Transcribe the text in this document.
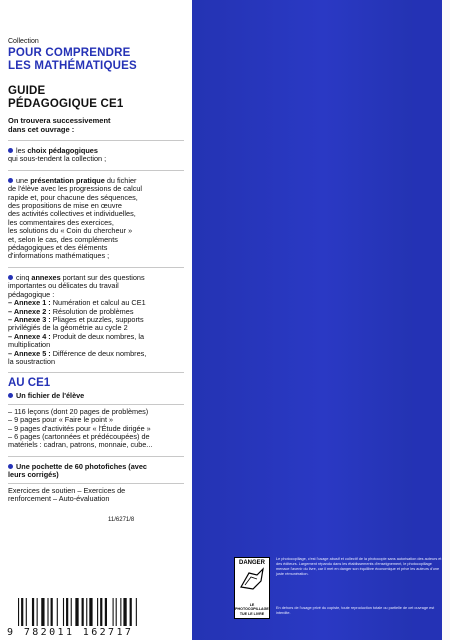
Collection
POUR COMPRENDRE
LES MATHÉMATIQUES
GUIDE
PÉDAGOGIQUE CE1
On trouvera successivement
dans cet ouvrage :
les choix pédagogiques
qui sous-tendent la collection ;
une présentation pratique du fichier
de l'élève avec les progressions de calcul
rapide et, pour chacune des séquences,
des propositions de mise en œuvre
des activités collectives et individuelles,
les commentaires des exercices,
les solutions du « Coin du chercheur »
et, selon le cas, des compléments
pédagogiques et des éléments
d'informations mathématiques ;
cinq annexes portant sur des questions
importantes ou délicates du travail
pédagogique :
– Annexe 1 : Numération et calcul au CE1
– Annexe 2 : Résolution de problèmes
– Annexe 3 : Pliages et puzzles, supports
privilégiés de la géométrie au cycle 2
– Annexe 4 : Produit de deux nombres, la
multiplication
– Annexe 5 : Différence de deux nombres,
la soustraction
AU CE1
Un fichier de l'élève
– 116 leçons (dont 20 pages de problèmes)
– 9 pages pour « Faire le point »
– 9 pages d'activités pour « l'Étude dirigée »
– 6 pages (cartonnées et prédécoupées) de
matériels : cadran, patrons, monnaie, cube...
Une pochette de 60 photofiches (avec
leurs corrigés)
Exercices de soutien – Exercices de
renforcement – Auto-évaluation
11/6271/8
9 782011 162717
DANGER
LE
PHOTOCOPILLAGE
TUE LE LIVRE
Le photocopillage, c'est l'usage abusif et collectif de la photocopie sans autorisation des auteurs et des éditeurs. Largement répandu dans les établissements d'enseignement, le photocopillage menace l'avenir du livre, car il met en danger son équilibre économique et prive les auteurs d'une juste rémunération.
En dehors de l'usage privé du copiste, toute reproduction totale ou partielle de cet ouvrage est interdite.
